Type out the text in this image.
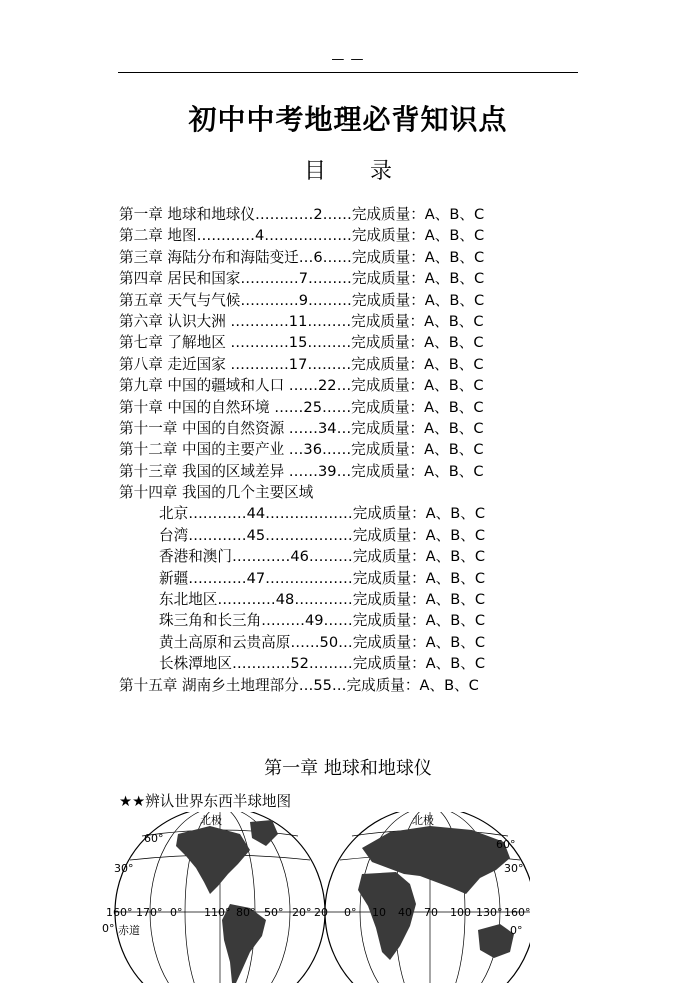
— —
初中中考地理必背知识点
目 录
第一章 地球和地球仪…………2……完成质量：A、B、C
第二章 地图…………4………………完成质量：A、B、C
第三章 海陆分布和海陆变迁…6……完成质量：A、B、C
第四章 居民和国家…………7………完成质量：A、B、C
第五章 天气与气候…………9………完成质量：A、B、C
第六章 认识大洲 …………11………完成质量：A、B、C
第七章 了解地区 …………15………完成质量：A、B、C
第八章 走近国家 …………17………完成质量：A、B、C
第九章 中国的疆域和人口 ……22…完成质量：A、B、C
第十章 中国的自然环境 ……25……完成质量：A、B、C
第十一章 中国的自然资源 ……34…完成质量：A、B、C
第十二章 中国的主要产业 …36……完成质量：A、B、C
第十三章 我国的区域差异 ……39…完成质量：A、B、C
第十四章 我国的几个主要区域
北京…………44………………完成质量：A、B、C
台湾…………45………………完成质量：A、B、C
香港和澳门…………46………完成质量：A、B、C
新疆…………47………………完成质量：A、B、C
东北地区…………48…………完成质量：A、B、C
珠三角和长三角………49……完成质量：A、B、C
黄土高原和云贵高原……50…完成质量：A、B、C
长株潭地区…………52………完成质量：A、B、C
第十五章 湖南乡土地理部分…55…完成质量：A、B、C
第一章 地球和地球仪
★★辨认世界东西半球地图
北极	北极
60°
30°
0° 赤道
160° 170° 0° 110° 80° 50° 20° 20 0° 10 40 70 100 130° 160°
60°
30°
0°
